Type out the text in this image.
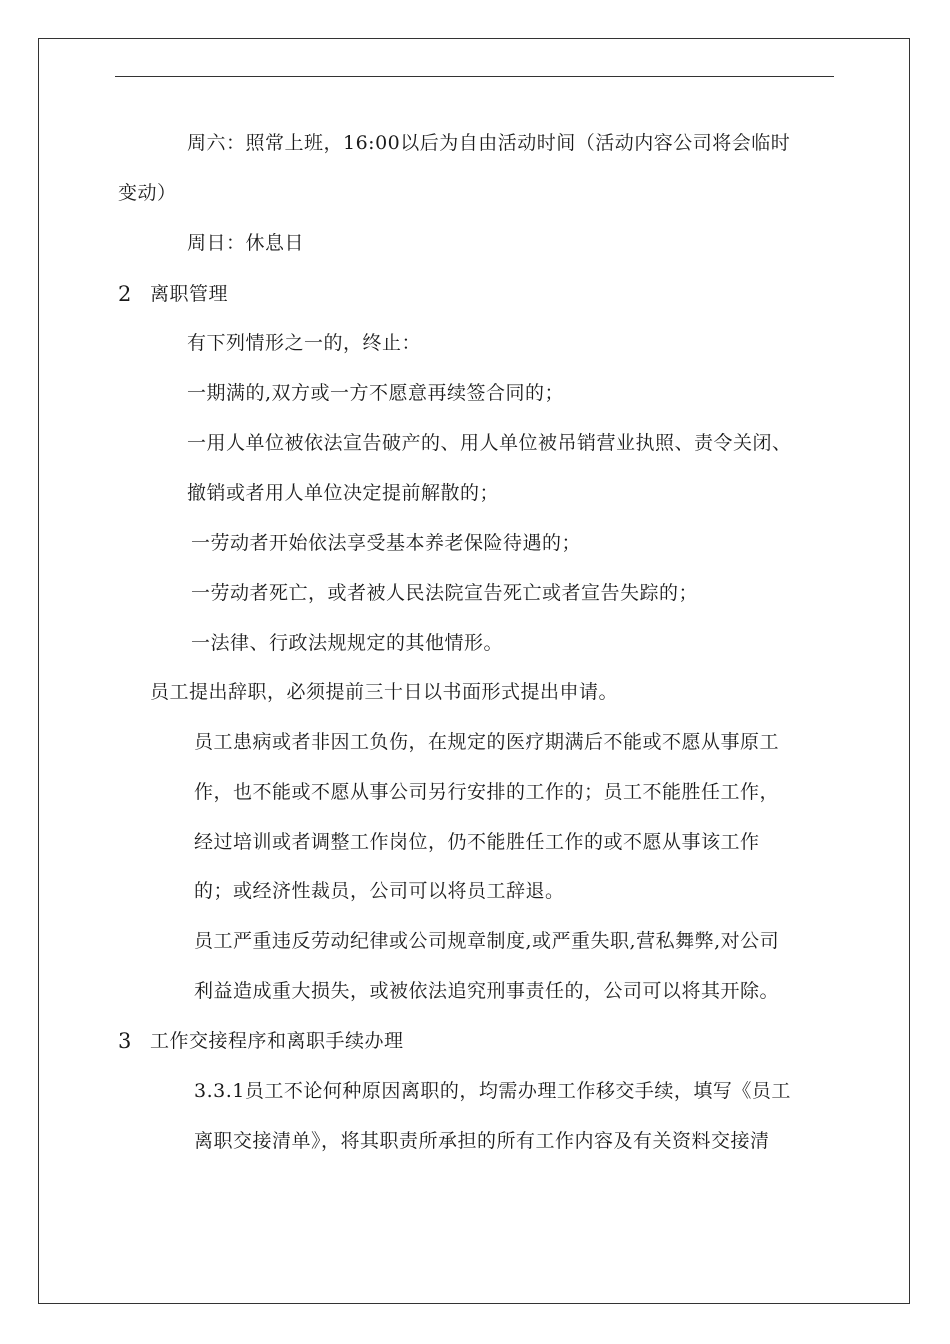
周六：照常上班，16:00以后为自由活动时间（活动内容公司将会临时
变动）
周日：休息日
2 离职管理
有下列情形之一的，终止：
一期满的,双方或一方不愿意再续签合同的；
一用人单位被依法宣告破产的、用人单位被吊销营业执照、责令关闭、
撤销或者用人单位决定提前解散的；
一劳动者开始依法享受基本养老保险待遇的；
一劳动者死亡，或者被人民法院宣告死亡或者宣告失踪的；
一法律、行政法规规定的其他情形。
员工提出辞职，必须提前三十日以书面形式提出申请。
员工患病或者非因工负伤，在规定的医疗期满后不能或不愿从事原工
作，也不能或不愿从事公司另行安排的工作的；员工不能胜任工作，
经过培训或者调整工作岗位，仍不能胜任工作的或不愿从事该工作
的；或经济性裁员，公司可以将员工辞退。
员工严重违反劳动纪律或公司规章制度,或严重失职,营私舞弊,对公司
利益造成重大损失，或被依法追究刑事责任的，公司可以将其开除。
3 工作交接程序和离职手续办理
3.3.1员工不论何种原因离职的，均需办理工作移交手续，填写《员工
离职交接清单》，将其职责所承担的所有工作内容及有关资料交接清
